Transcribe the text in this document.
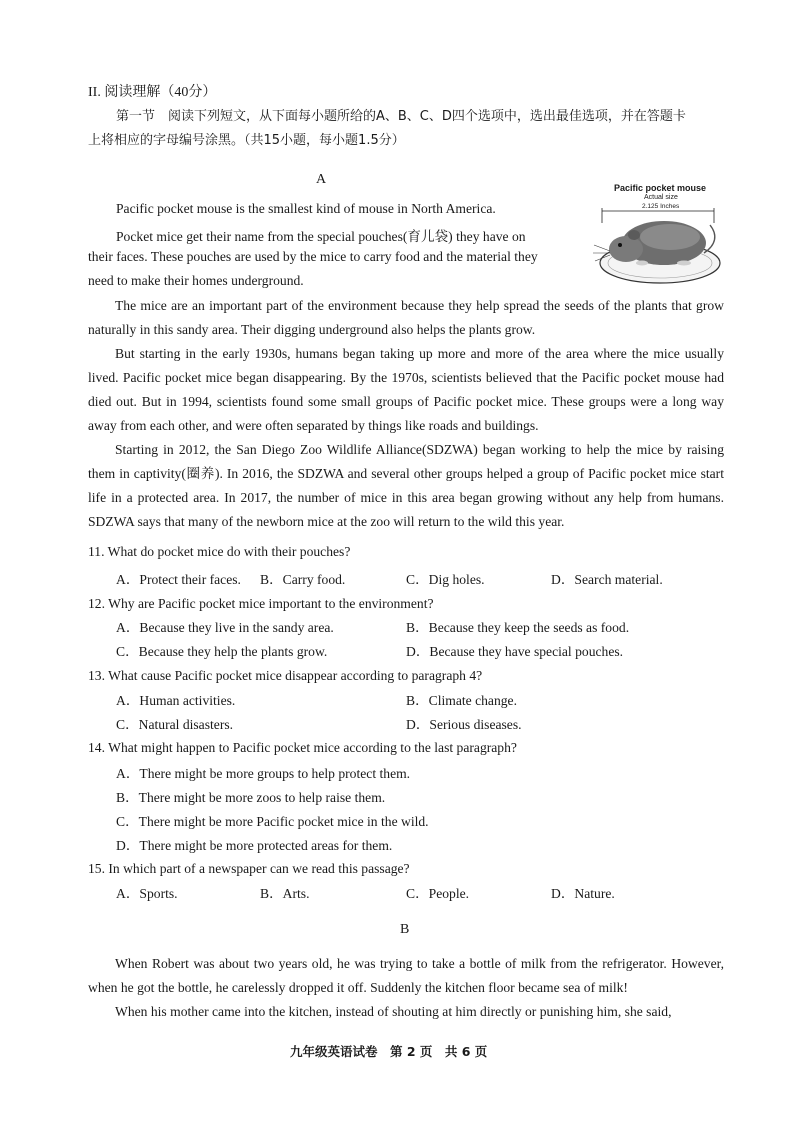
II. 阅读理解（40分）
第一节　阅读下列短文，从下面每小题所给的A、B、C、D四个选项中，选出最佳选项，并在答题卡
上将相应的字母编号涂黑。（共15小题，每小题1.5分）
A
Pacific pocket mouse
Actual size
2.125 Inches
Pacific pocket mouse is the smallest kind of mouse in North America.
Pocket mice get their name from the special pouches(育儿袋) they have on
their faces. These pouches are used by the mice to carry food and the material they
need to make their homes underground.

The mice are an important part of the environment because they help spread the seeds of the plants that grow naturally in this sandy area. Their digging underground also helps the plants grow.

But starting in the early 1930s, humans began taking up more and more of the area where the mice usually lived. Pacific pocket mice began disappearing. By the 1970s, scientists believed that the Pacific pocket mouse had died out. But in 1994, scientists found some small groups of Pacific pocket mice. These groups were a long way away from each other, and were often separated by things like roads and buildings.

Starting in 2012, the San Diego Zoo Wildlife Alliance(SDZWA) began working to help the mice by raising them in captivity(圈养). In 2016, the SDZWA and several other groups helped a group of Pacific pocket mice start life in a protected area. In 2017, the number of mice in this area began growing without any help from humans. SDZWA says that many of the newborn mice at the zoo will return to the wild this year.

11. What do pocket mice do with their pouches?
A．Protect their faces. B．Carry food.	C．Dig holes.	D．Search material.
12. Why are Pacific pocket mice important to the environment?
A．Because they live in the sandy area.	B．Because they keep the seeds as food.
C．Because they help the plants grow.	D．Because they have special pouches.
13. What cause Pacific pocket mice disappear according to paragraph 4?
A．Human activities.	B．Climate change.
C．Natural disasters.	D．Serious diseases.
14. What might happen to Pacific pocket mice according to the last paragraph?
A．There might be more groups to help protect them.
B．There might be more zoos to help raise them.
C．There might be more Pacific pocket mice in the wild.
D．There might be more protected areas for them.
15. In which part of a newspaper can we read this passage?
A．Sports.	B．Arts.	C．People.	D．Nature.
B

When Robert was about two years old, he was trying to take a bottle of milk from the refrigerator. However, when he got the bottle, he carelessly dropped it off. Suddenly the kitchen floor became sea of milk!

When his mother came into the kitchen, instead of shouting at him directly or punishing him, she said,

九年级英语试卷　第 2 页　共 6 页
